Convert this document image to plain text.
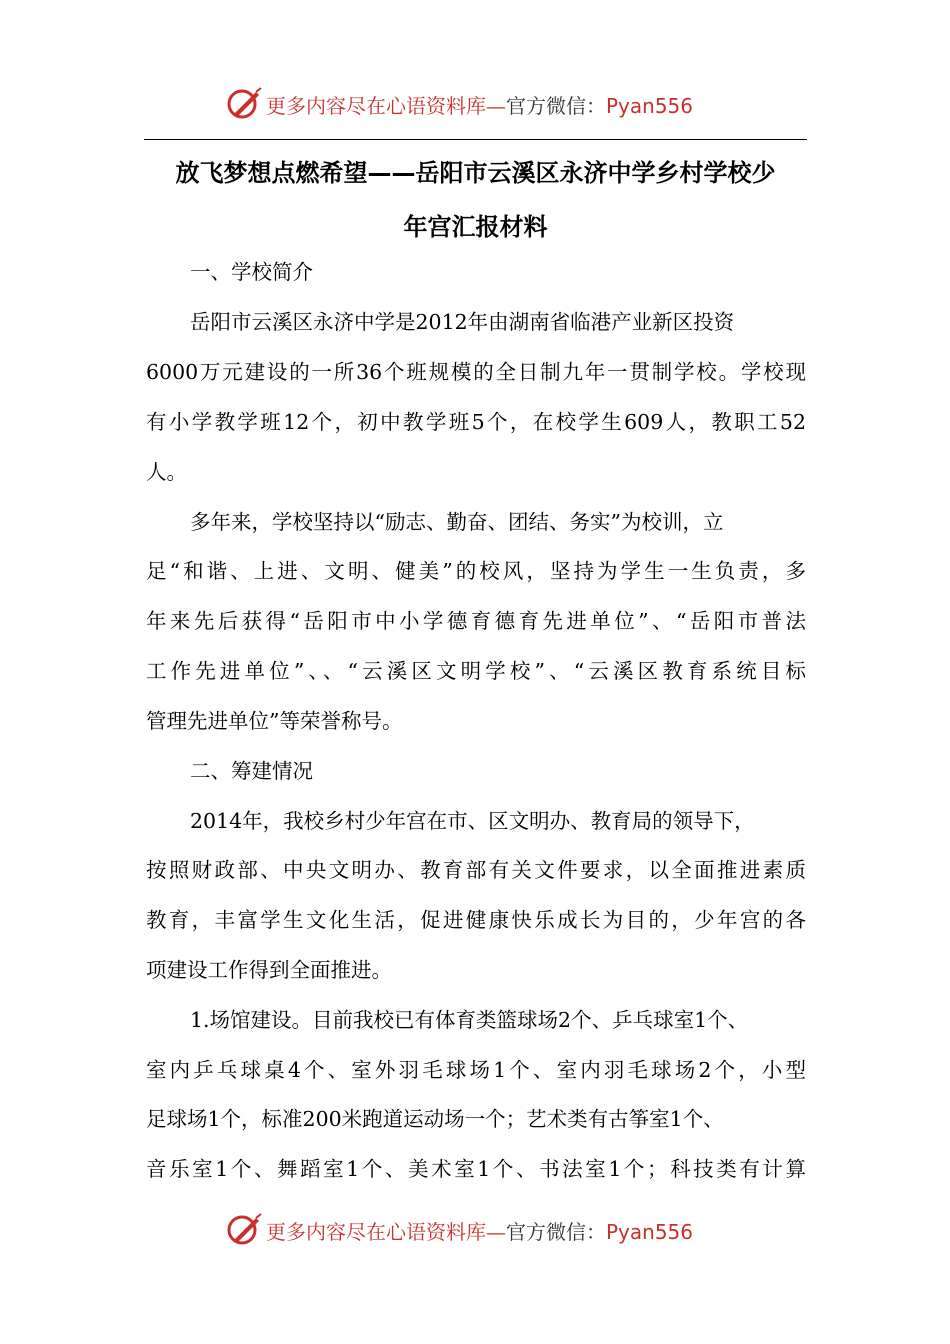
更多内容尽在心语资料库—官方微信：Pyan556
放飞梦想点燃希望——岳阳市云溪区永济中学乡村学校少
年宫汇报材料
一、学校简介
岳阳市云溪区永济中学是2012年由湖南省临港产业新区投资
6000万元建设的一所36个班规模的全日制九年一贯制学校。学校现
有小学教学班12个，初中教学班5个，在校学生609人，教职工52
人。
多年来，学校坚持以“励志、勤奋、团结、务实”为校训，立
足“和谐、上进、文明、健美”的校风，坚持为学生一生负责，多
年来先后获得“岳阳市中小学德育德育先进单位”、“岳阳市普法
工作先进单位”、、“云溪区文明学校”、“云溪区教育系统目标
管理先进单位”等荣誉称号。
二、筹建情况
2014年，我校乡村少年宫在市、区文明办、教育局的领导下，
按照财政部、中央文明办、教育部有关文件要求，以全面推进素质
教育，丰富学生文化生活，促进健康快乐成长为目的，少年宫的各
项建设工作得到全面推进。
1.场馆建设。目前我校已有体育类篮球场2个、乒乓球室1个、
室内乒乓球桌4个、室外羽毛球场1个、室内羽毛球场2个，小型
足球场1个，标准200米跑道运动场一个；艺术类有古筝室1个、
音乐室1个、舞蹈室1个、美术室1个、书法室1个；科技类有计算
更多内容尽在心语资料库—官方微信：Pyan556
